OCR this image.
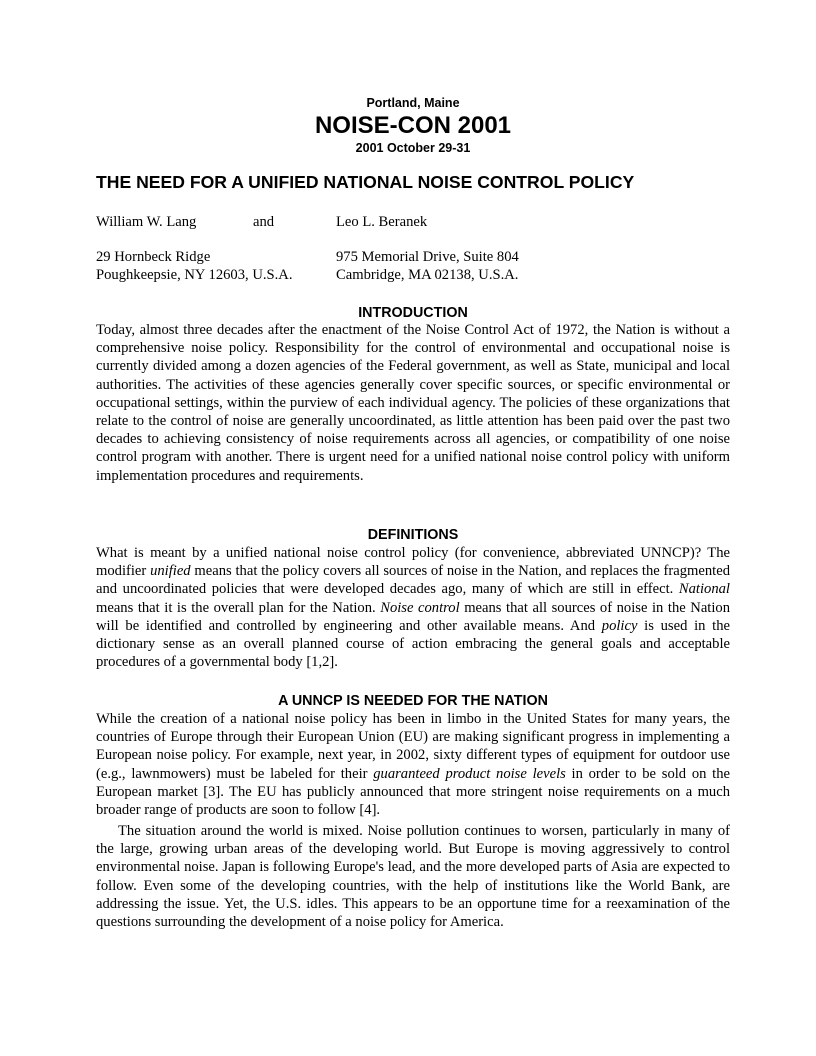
Portland, Maine
NOISE-CON 2001
2001 October 29-31
THE NEED FOR A UNIFIED NATIONAL NOISE CONTROL POLICY
William W. Lang	and	Leo L. Beranek
29 Hornbeck Ridge	975 Memorial Drive, Suite 804
Poughkeepsie, NY 12603, U.S.A.	Cambridge, MA 02138, U.S.A.
INTRODUCTION

Today, almost three decades after the enactment of the Noise Control Act of 1972, the Nation is without a comprehensive noise policy. Responsibility for the control of environmental and occupational noise is currently divided among a dozen agencies of the Federal government, as well as State, municipal and local authorities. The activities of these agencies generally cover specific sources, or specific environmental or occupational settings, within the purview of each individual agency. The policies of these organizations that relate to the control of noise are generally uncoordinated, as little attention has been paid over the past two decades to achieving consistency of noise requirements across all agencies, or compatibility of one noise control program with another. There is urgent need for a unified national noise control policy with uniform implementation procedures and requirements.

DEFINITIONS

What is meant by a unified national noise control policy (for convenience, abbreviated UNNCP)? The modifier unified means that the policy covers all sources of noise in the Nation, and replaces the fragmented and uncoordinated policies that were developed decades ago, many of which are still in effect. National means that it is the overall plan for the Nation. Noise control means that all sources of noise in the Nation will be identified and controlled by engineering and other available means. And policy is used in the dictionary sense as an overall planned course of action embracing the general goals and acceptable procedures of a governmental body [1,2].

A UNNCP IS NEEDED FOR THE NATION

While the creation of a national noise policy has been in limbo in the United States for many years, the countries of Europe through their European Union (EU) are making significant progress in implementing a European noise policy. For example, next year, in 2002, sixty different types of equipment for outdoor use (e.g., lawnmowers) must be labeled for their guaranteed product noise levels in order to be sold on the European market [3]. The EU has publicly announced that more stringent noise requirements on a much broader range of products are soon to follow [4].

The situation around the world is mixed. Noise pollution continues to worsen, particularly in many of the large, growing urban areas of the developing world. But Europe is moving aggressively to control environmental noise. Japan is following Europe's lead, and the more developed parts of Asia are expected to follow. Even some of the developing countries, with the help of institutions like the World Bank, are addressing the issue. Yet, the U.S. idles. This appears to be an opportune time for a reexamination of the questions surrounding the development of a noise policy for America.
